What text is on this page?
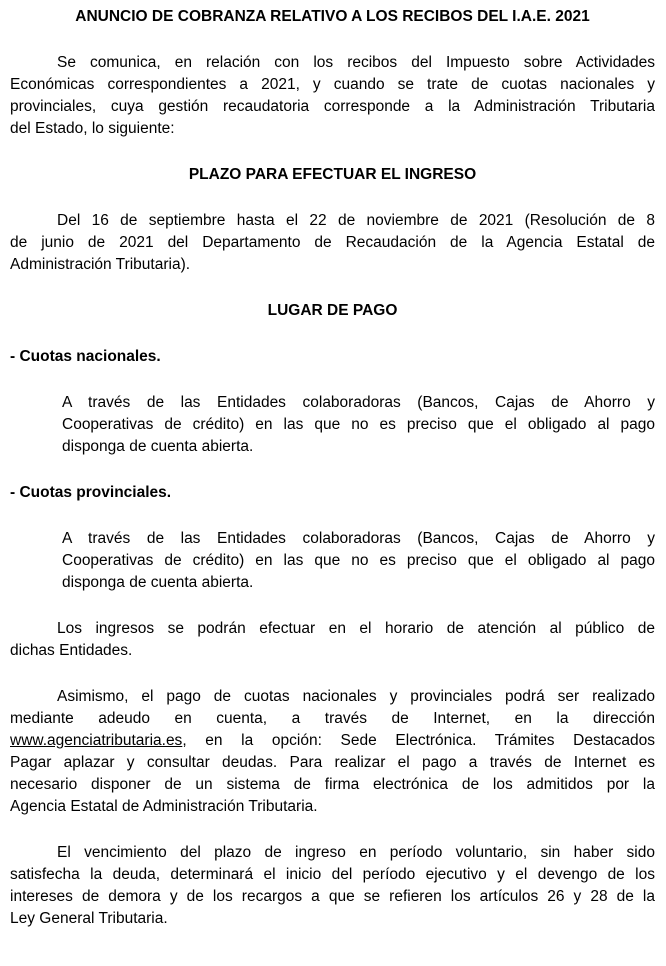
ANUNCIO DE COBRANZA RELATIVO A LOS RECIBOS DEL I.A.E. 2021
Se comunica, en relación con los recibos del Impuesto sobre Actividades
Económicas correspondientes a 2021, y cuando se trate de cuotas nacionales y
provinciales, cuya gestión recaudatoria corresponde a la Administración Tributaria
del Estado, lo siguiente:
PLAZO PARA EFECTUAR EL INGRESO
Del 16 de septiembre hasta el 22 de noviembre de 2021 (Resolución de 8
de junio de 2021 del Departamento de Recaudación de la Agencia Estatal de
Administración Tributaria).
LUGAR DE PAGO
- Cuotas nacionales.
A través de las Entidades colaboradoras (Bancos, Cajas de Ahorro y
Cooperativas de crédito) en las que no es preciso que el obligado al pago
disponga de cuenta abierta.
- Cuotas provinciales.
A través de las Entidades colaboradoras (Bancos, Cajas de Ahorro y
Cooperativas de crédito) en las que no es preciso que el obligado al pago
disponga de cuenta abierta.
Los ingresos se podrán efectuar en el horario de atención al público de
dichas Entidades.
Asimismo, el pago de cuotas nacionales y provinciales podrá ser realizado
mediante adeudo en cuenta, a través de Internet, en la dirección
www.agenciatributaria.es, en la opción: Sede Electrónica. Trámites Destacados
Pagar aplazar y consultar deudas. Para realizar el pago a través de Internet es
necesario disponer de un sistema de firma electrónica de los admitidos por la
Agencia Estatal de Administración Tributaria.
El vencimiento del plazo de ingreso en período voluntario, sin haber sido
satisfecha la deuda, determinará el inicio del período ejecutivo y el devengo de los
intereses de demora y de los recargos a que se refieren los artículos 26 y 28 de la
Ley General Tributaria.
